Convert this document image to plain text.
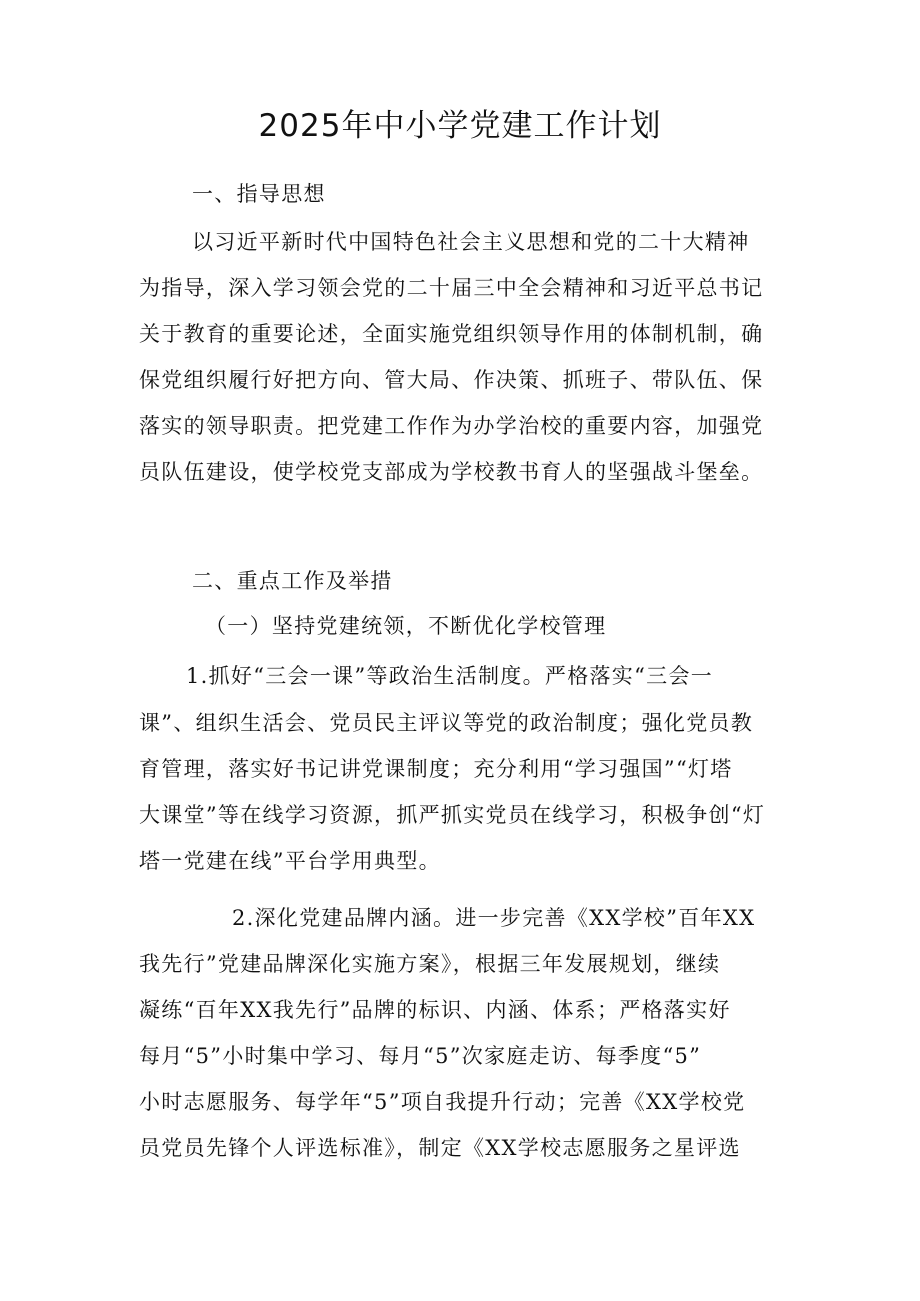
2025年中小学党建工作计划
一、指导思想
以习近平新时代中国特色社会主义思想和党的二十大精神
为指导，深入学习领会党的二十届三中全会精神和习近平总书记
关于教育的重要论述，全面实施党组织领导作用的体制机制，确
保党组织履行好把方向、管大局、作决策、抓班子、带队伍、保
落实的领导职责。把党建工作作为办学治校的重要内容，加强党
员队伍建设，使学校党支部成为学校教书育人的坚强战斗堡垒。
二、重点工作及举措
（一）坚持党建统领，不断优化学校管理
1.抓好“三会一课”等政治生活制度。严格落实“三会一
课”、组织生活会、党员民主评议等党的政治制度；强化党员教
育管理，落实好书记讲党课制度；充分利用“学习强国”“灯塔
大课堂”等在线学习资源，抓严抓实党员在线学习，积极争创“灯
塔一党建在线”平台学用典型。
2.深化党建品牌内涵。进一步完善《XX学校”百年XX
我先行”党建品牌深化实施方案》，根据三年发展规划，继续
凝练“百年XX我先行”品牌的标识、内涵、体系；严格落实好
每月“5”小时集中学习、每月“5”次家庭走访、每季度“5”
小时志愿服务、每学年“5”项自我提升行动；完善《XX学校党
员党员先锋个人评选标准》，制定《XX学校志愿服务之星评选
